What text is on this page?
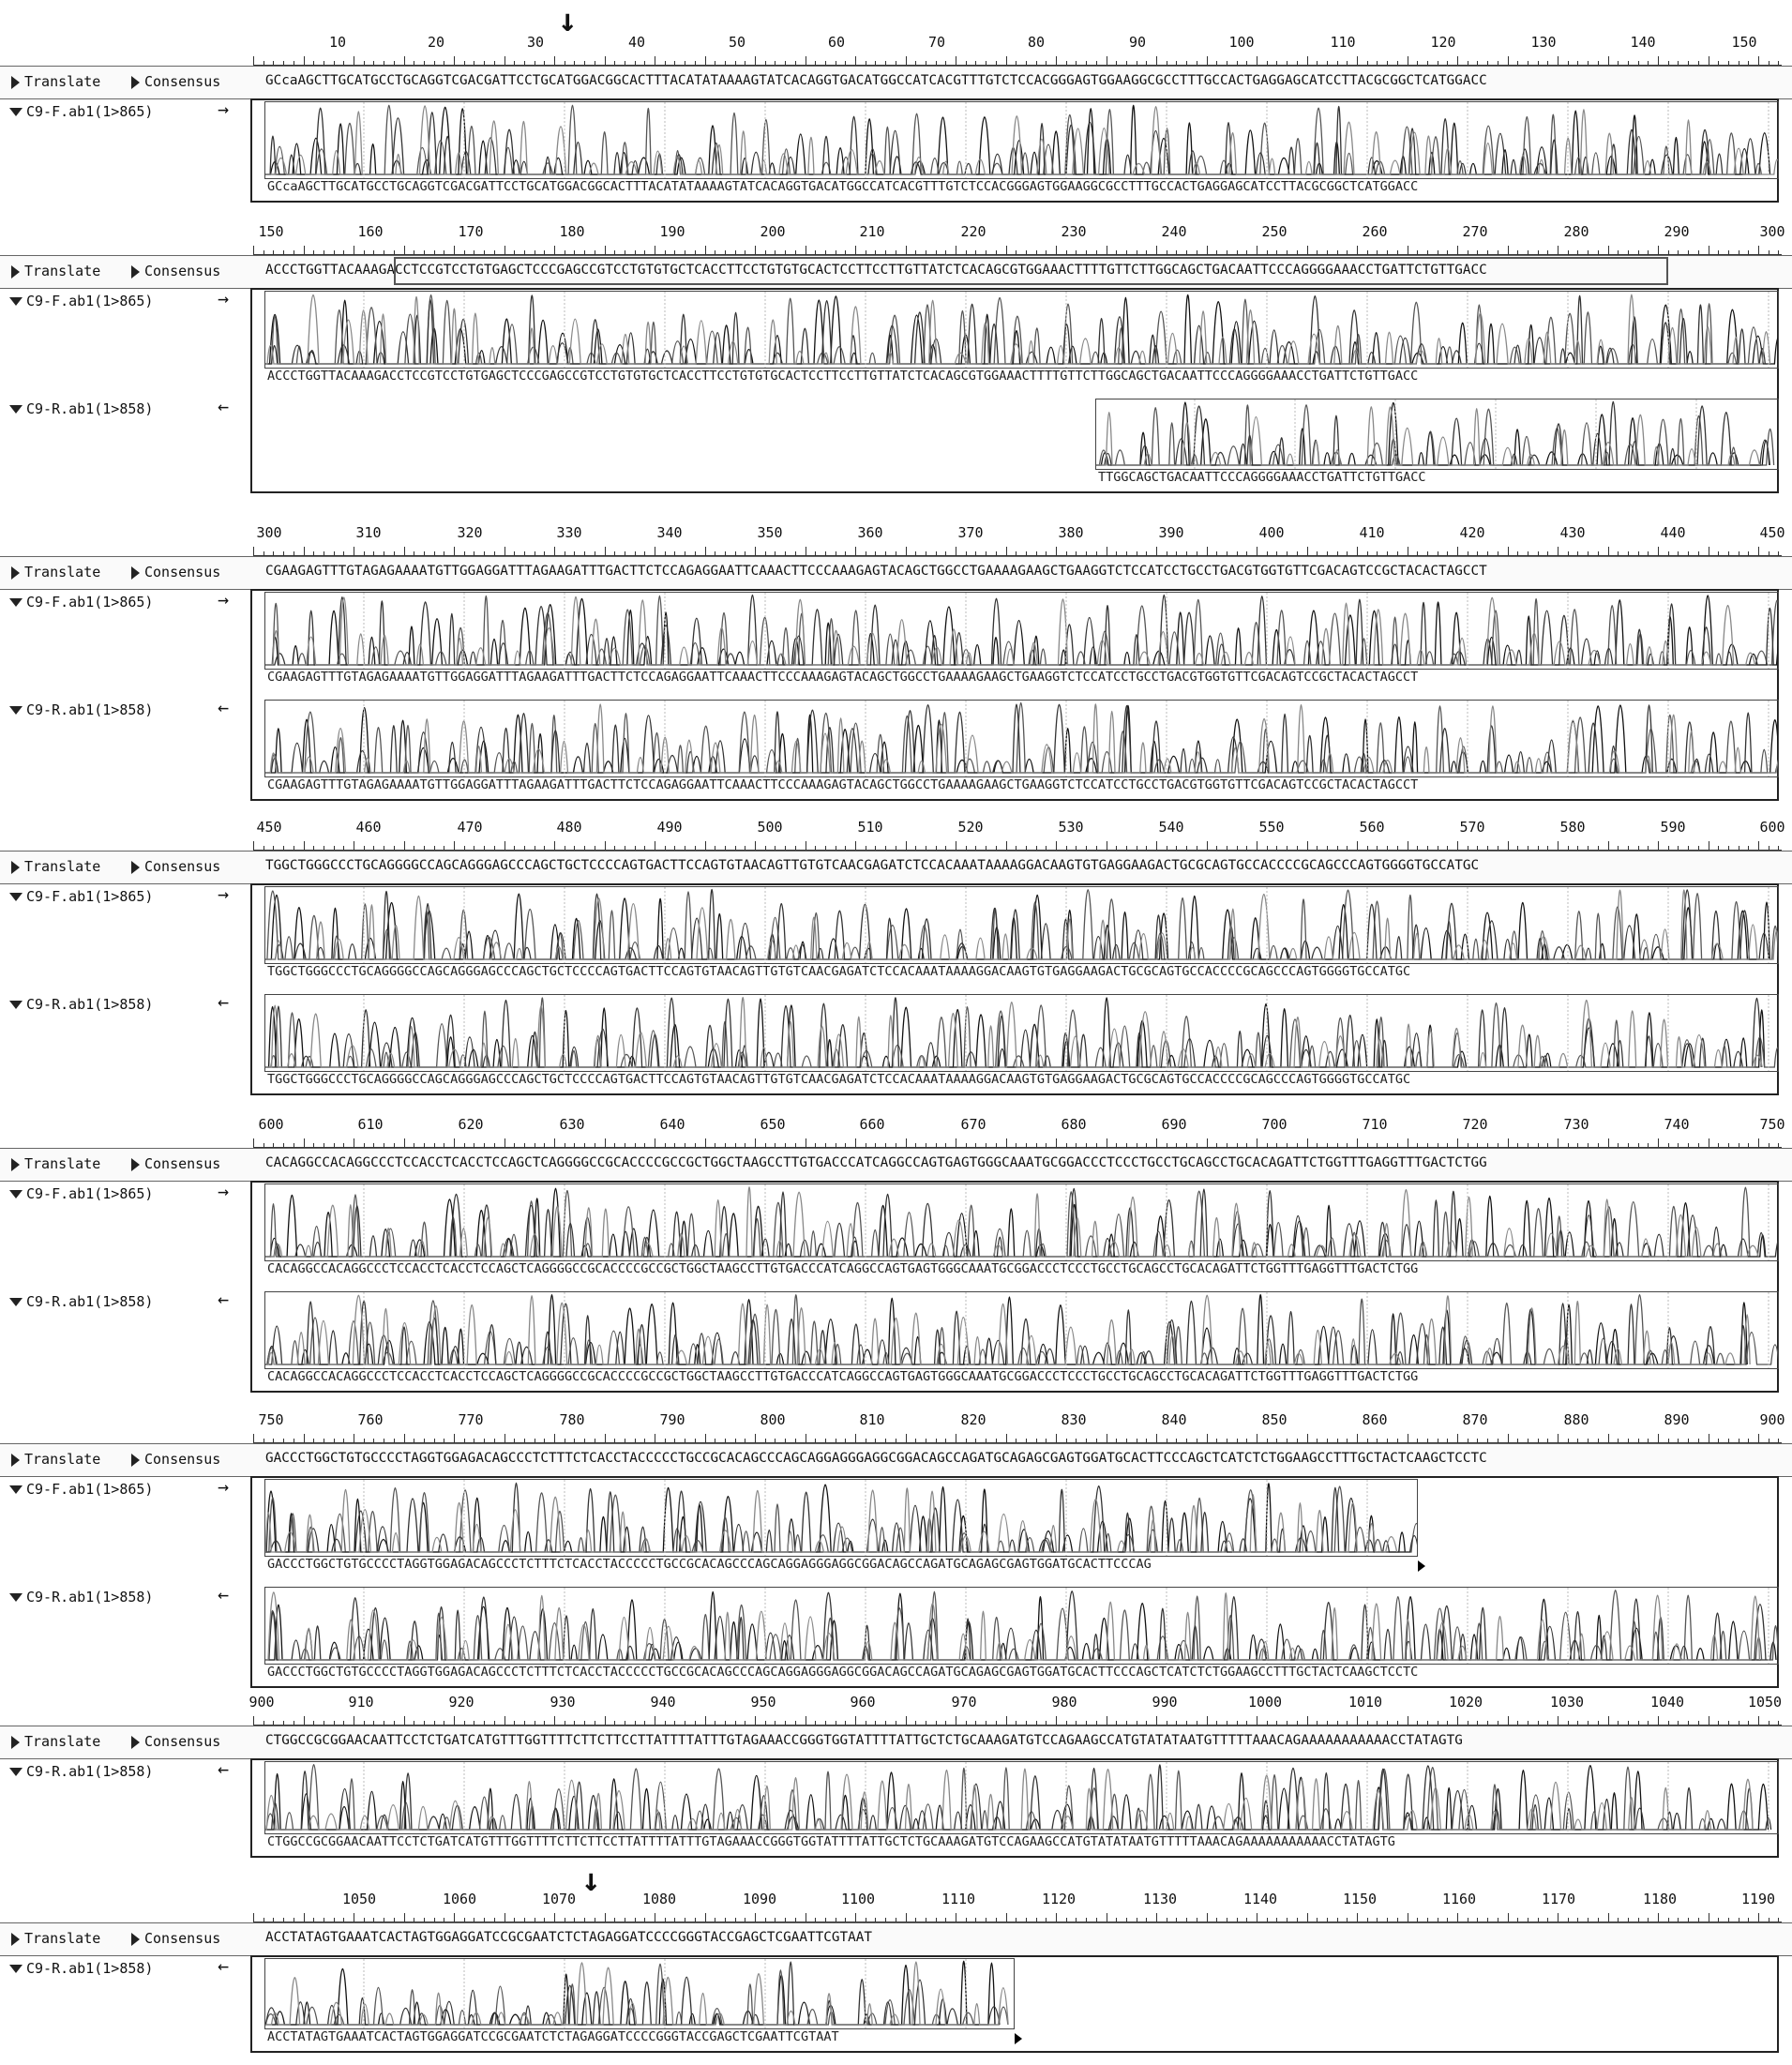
10	20	30	40	50	60	70	80	90	100	110	120	130	140	150
Translate	Consensus	GCcaAGCTTGCATGCCTGCAGGTCGACGATTCCTGCATGGACGGCACTTTACATATAAAAGTATCACAGGTGACATGGCCATCACGTTTGTCTCCACGGGAGTGGAAGGCGCCTTTGCCACTGAGGAGCATCCTTACGCGGCTCATGGACC
C9-F.ab1(1>865)	→
GCcaAGCTTGCATGCCTGCAGGTCGACGATTCCTGCATGGACGGCACTTTACATATAAAAGTATCACAGGTGACATGGCCATCACGTTTGTCTCCACGGGAGTGGAAGGCGCCTTTGCCACTGAGGAGCATCCTTACGCGGCTCATGGACC
150	160	170	180	190	200	210	220	230	240	250	260	270	280	290	300
Translate	Consensus	ACCCTGGTTACAAAGACCTCCGTCCTGTGAGCTCCCGAGCCGTCCTGTGTGCTCACCTTCCTGTGTGCACTCCTTCCTTGTTATCTCACAGCGTGGAAACTTTTGTTCTTGGCAGCTGACAATTCCCAGGGGAAACCTGATTCTGTTGACC
C9-F.ab1(1>865)	→
ACCCTGGTTACAAAGACCTCCGTCCTGTGAGCTCCCGAGCCGTCCTGTGTGCTCACCTTCCTGTGTGCACTCCTTCCTTGTTATCTCACAGCGTGGAAACTTTTGTTCTTGGCAGCTGACAATTCCCAGGGGAAACCTGATTCTGTTGACC
C9-R.ab1(1>858)	←
TTGGCAGCTGACAATTCCCAGGGGAAACCTGATTCTGTTGACC
300	310	320	330	340	350	360	370	380	390	400	410	420	430	440	450
Translate	Consensus	CGAAGAGTTTGTAGAGAAAATGTTGGAGGATTTAGAAGATTTGACTTCTCCAGAGGAATTCAAACTTCCCAAAGAGTACAGCTGGCCTGAAAAGAAGCTGAAGGTCTCCATCCTGCCTGACGTGGTGTTCGACAGTCCGCTACACTAGCCT
C9-F.ab1(1>865)	→
CGAAGAGTTTGTAGAGAAAATGTTGGAGGATTTAGAAGATTTGACTTCTCCAGAGGAATTCAAACTTCCCAAAGAGTACAGCTGGCCTGAAAAGAAGCTGAAGGTCTCCATCCTGCCTGACGTGGTGTTCGACAGTCCGCTACACTAGCCT
C9-R.ab1(1>858)	←
CGAAGAGTTTGTAGAGAAAATGTTGGAGGATTTAGAAGATTTGACTTCTCCAGAGGAATTCAAACTTCCCAAAGAGTACAGCTGGCCTGAAAAGAAGCTGAAGGTCTCCATCCTGCCTGACGTGGTGTTCGACAGTCCGCTACACTAGCCT
450	460	470	480	490	500	510	520	530	540	550	560	570	580	590	600
Translate	Consensus	TGGCTGGGCCCTGCAGGGGCCAGCAGGGAGCCCAGCTGCTCCCCAGTGACTTCCAGTGTAACAGTTGTGTCAACGAGATCTCCACAAATAAAAGGACAAGTGTGAGGAAGACTGCGCAGTGCCACCCCGCAGCCCAGTGGGGTGCCATGC
C9-F.ab1(1>865)	→
TGGCTGGGCCCTGCAGGGGCCAGCAGGGAGCCCAGCTGCTCCCCAGTGACTTCCAGTGTAACAGTTGTGTCAACGAGATCTCCACAAATAAAAGGACAAGTGTGAGGAAGACTGCGCAGTGCCACCCCGCAGCCCAGTGGGGTGCCATGC
C9-R.ab1(1>858)	←
TGGCTGGGCCCTGCAGGGGCCAGCAGGGAGCCCAGCTGCTCCCCAGTGACTTCCAGTGTAACAGTTGTGTCAACGAGATCTCCACAAATAAAAGGACAAGTGTGAGGAAGACTGCGCAGTGCCACCCCGCAGCCCAGTGGGGTGCCATGC
600	610	620	630	640	650	660	670	680	690	700	710	720	730	740	750
Translate	Consensus	CACAGGCCACAGGCCCTCCACCTCACCTCCAGCTCAGGGGCCGCACCCCGCCGCTGGCTAAGCCTTGTGACCCATCAGGCCAGTGAGTGGGCAAATGCGGACCCTCCCTGCCTGCAGCCTGCACAGATTCTGGTTTGAGGTTTGACTCTGG
C9-F.ab1(1>865)	→
CACAGGCCACAGGCCCTCCACCTCACCTCCAGCTCAGGGGCCGCACCCCGCCGCTGGCTAAGCCTTGTGACCCATCAGGCCAGTGAGTGGGCAAATGCGGACCCTCCCTGCCTGCAGCCTGCACAGATTCTGGTTTGAGGTTTGACTCTGG
C9-R.ab1(1>858)	←
CACAGGCCACAGGCCCTCCACCTCACCTCCAGCTCAGGGGCCGCACCCCGCCGCTGGCTAAGCCTTGTGACCCATCAGGCCAGTGAGTGGGCAAATGCGGACCCTCCCTGCCTGCAGCCTGCACAGATTCTGGTTTGAGGTTTGACTCTGG
750	760	770	780	790	800	810	820	830	840	850	860	870	880	890	900
Translate	Consensus	GACCCTGGCTGTGCCCCTAGGTGGAGACAGCCCTCTTTCTCACCTACCCCCTGCCGCACAGCCCAGCAGGAGGGAGGCGGACAGCCAGATGCAGAGCGAGTGGATGCACTTCCCAGCTCATCTCTGGAAGCCTTTGCTACTCAAGCTCCTC
C9-F.ab1(1>865)	→
GACCCTGGCTGTGCCCCTAGGTGGAGACAGCCCTCTTTCTCACCTACCCCCTGCCGCACAGCCCAGCAGGAGGGAGGCGGACAGCCAGATGCAGAGCGAGTGGATGCACTTCCCAG
C9-R.ab1(1>858)	←
GACCCTGGCTGTGCCCCTAGGTGGAGACAGCCCTCTTTCTCACCTACCCCCTGCCGCACAGCCCAGCAGGAGGGAGGCGGACAGCCAGATGCAGAGCGAGTGGATGCACTTCCCAGCTCATCTCTGGAAGCCTTTGCTACTCAAGCTCCTC
900	910	920	930	940	950	960	970	980	990	1000	1010	1020	1030	1040	1050
Translate	Consensus	CTGGCCGCGGAACAATTCCTCTGATCATGTTTGGTTTTCTTCTTCCTTATTTTATTTGTAGAAACCGGGTGGTATTTTATTGCTCTGCAAAGATGTCCAGAAGCCATGTATATAATGTTTTTAAACAGAAAAAAAAAAACCTATAGTG
C9-R.ab1(1>858)	←
CTGGCCGCGGAACAATTCCTCTGATCATGTTTGGTTTTCTTCTTCCTTATTTTATTTGTAGAAACCGGGTGGTATTTTATTGCTCTGCAAAGATGTCCAGAAGCCATGTATATAATGTTTTTAAACAGAAAAAAAAAAACCTATAGTG
1050	1060	1070	1080	1090	1100	1110	1120	1130	1140	1150	1160	1170	1180	1190
Translate	Consensus	ACCTATAGTGAAATCACTAGTGGAGGATCCGCGAATCTCTAGAGGATCCCCGGGTACCGAGCTCGAATTCGTAAT
C9-R.ab1(1>858)	←
ACCTATAGTGAAATCACTAGTGGAGGATCCGCGAATCTCTAGAGGATCCCCGGGTACCGAGCTCGAATTCGTAAT
↓
↓
